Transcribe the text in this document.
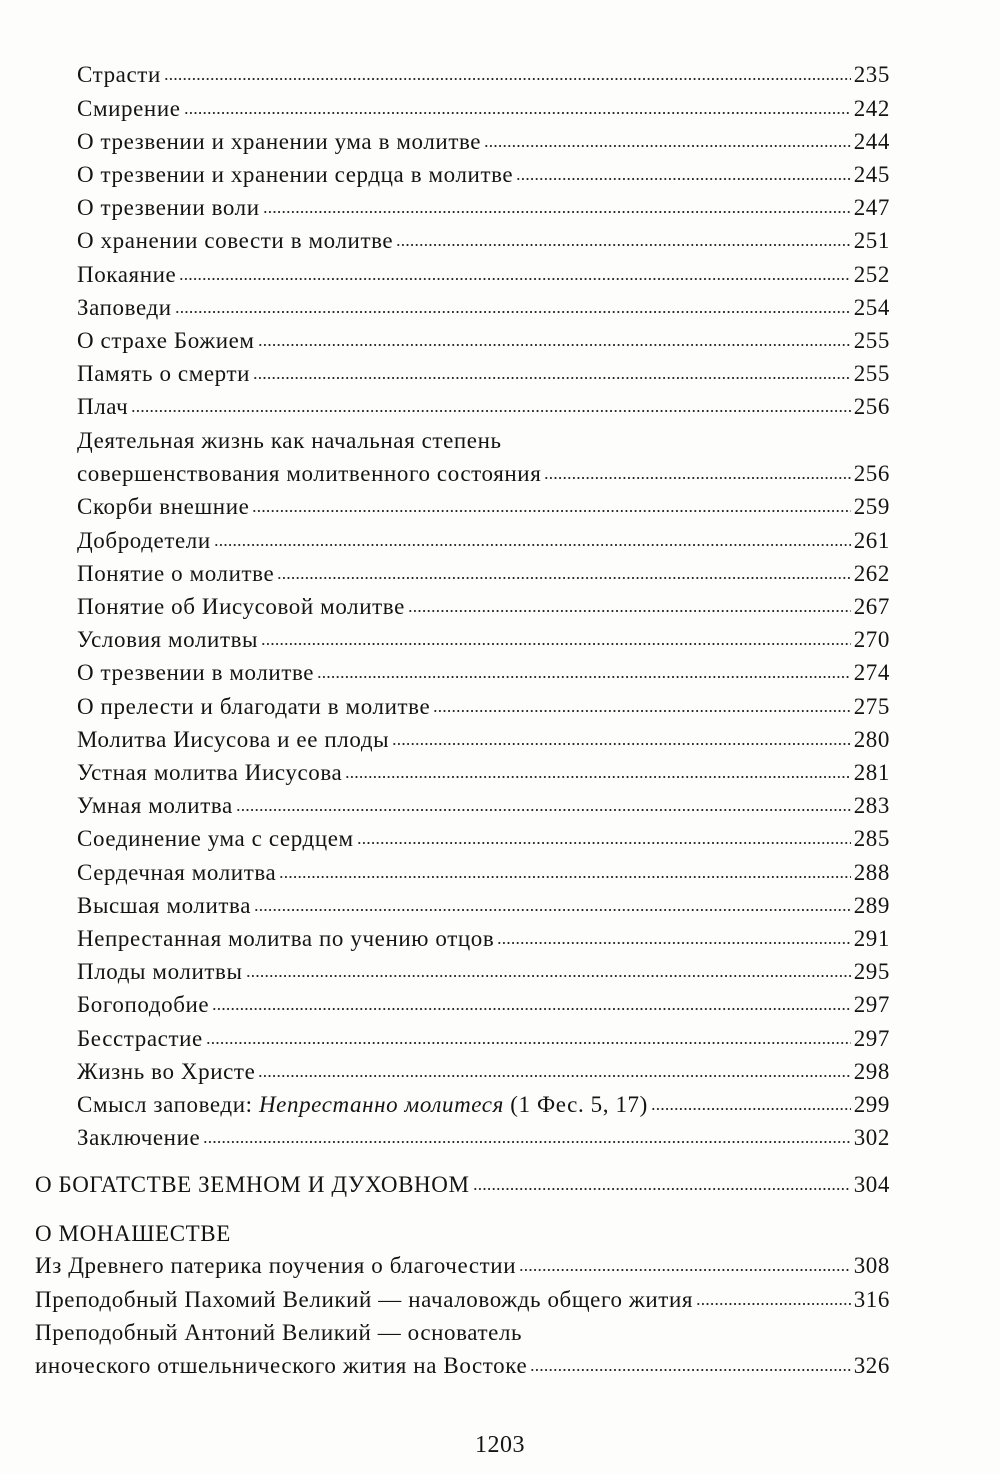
Страсти	235
Смирение	242
О трезвении и хранении ума в молитве	244
О трезвении и хранении сердца в молитве	245
О трезвении воли	247
О хранении совести в молитве	251
Покаяние	252
Заповеди	254
О страхе Божием	255
Память о смерти	255
Плач	256
Деятельная жизнь как начальная степень
совершенствования молитвенного состояния	256
Скорби внешние	259
Добродетели	261
Понятие о молитве	262
Понятие об Иисусовой молитве	267
Условия молитвы	270
О трезвении в молитве	274
О прелести и благодати в молитве	275
Молитва Иисусова и ее плоды	280
Устная молитва Иисусова	281
Умная молитва	283
Соединение ума с сердцем	285
Сердечная молитва	288
Высшая молитва	289
Непрестанная молитва по учению отцов	291
Плоды молитвы	295
Богоподобие	297
Бесстрастие	297
Жизнь во Христе	298
Смысл заповеди: Непрестанно молитеся (1 Фес. 5, 17)	299
Заключение	302
О БОГАТСТВЕ ЗЕМНОМ И ДУХОВНОМ	304
О МОНАШЕСТВЕ
Из Древнего патерика поучения о благочестии	308
Преподобный Пахомий Великий — началовождь общего жития	316
Преподобный Антоний Великий — основатель
иноческого отшельнического жития на Востоке	326
1203
